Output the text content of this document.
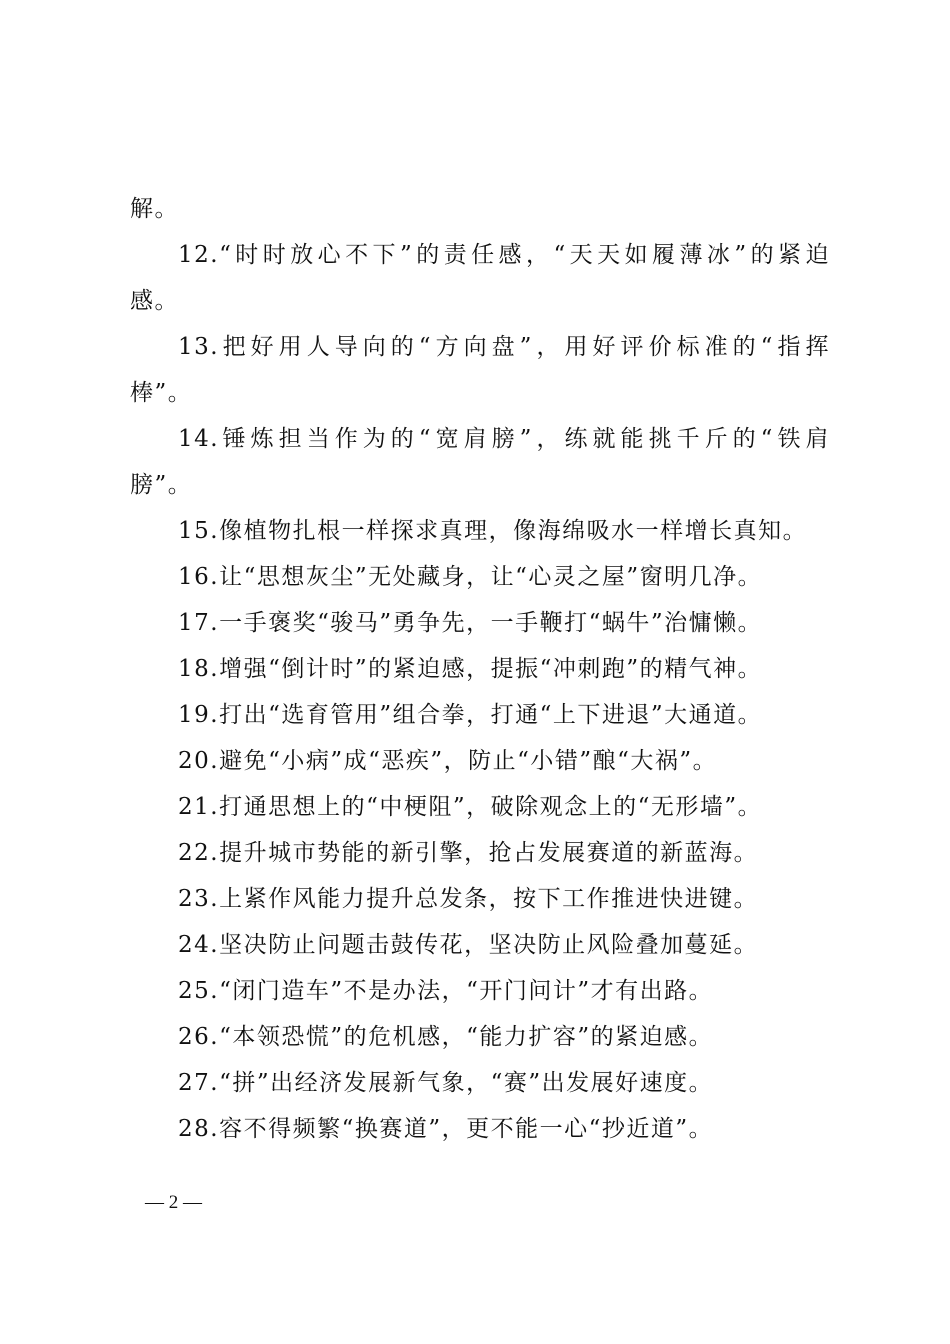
解。
12.“时时放心不下”的责任感，“天天如履薄冰”的紧迫
感。
13.把好用人导向的“方向盘”，用好评价标准的“指挥
棒”。
14.锤炼担当作为的“宽肩膀”，练就能挑千斤的“铁肩
膀”。
15.像植物扎根一样探求真理，像海绵吸水一样增长真知。
16.让“思想灰尘”无处藏身，让“心灵之屋”窗明几净。
17.一手褒奖“骏马”勇争先，一手鞭打“蜗牛”治慵懒。
18.增强“倒计时”的紧迫感，提振“冲刺跑”的精气神。
19.打出“选育管用”组合拳，打通“上下进退”大通道。
20.避免“小病”成“恶疾”，防止“小错”酿“大祸”。
21.打通思想上的“中梗阻”，破除观念上的“无形墙”。
22.提升城市势能的新引擎，抢占发展赛道的新蓝海。
23.上紧作风能力提升总发条，按下工作推进快进键。
24.坚决防止问题击鼓传花，坚决防止风险叠加蔓延。
25.“闭门造车”不是办法，“开门问计”才有出路。
26.“本领恐慌”的危机感，“能力扩容”的紧迫感。
27.“拼”出经济发展新气象，“赛”出发展好速度。
28.容不得频繁“换赛道”，更不能一心“抄近道”。
— 2 —
